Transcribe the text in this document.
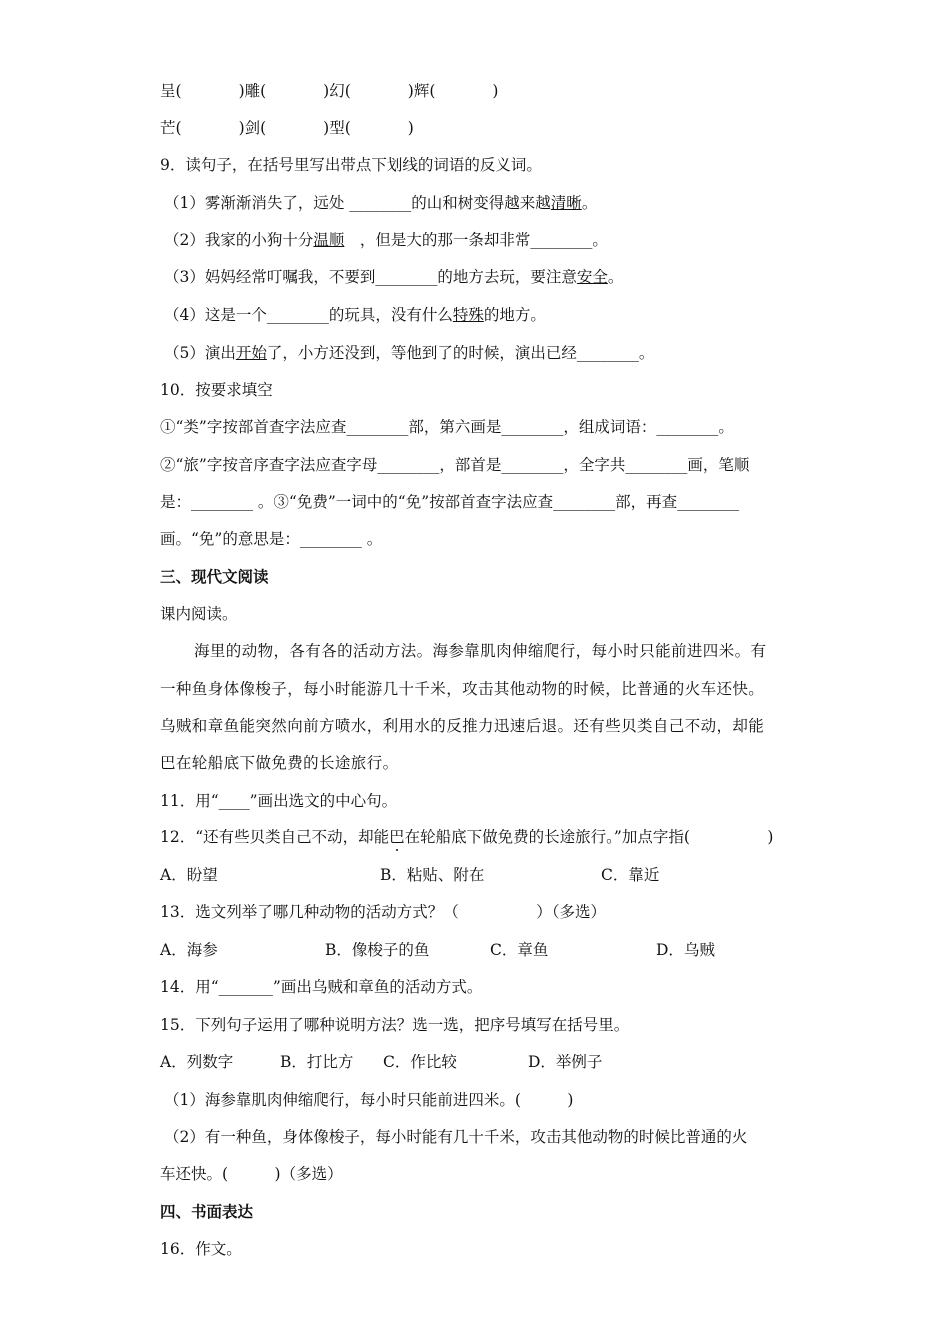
呈(	)雕(	)幻(	)辉(	)
芒(	)剑(	)型(	)
9．读句子，在括号里写出带点下划线的词语的反义词。
（1）雾渐渐消失了，远处 ________的山和树变得越来越清晰。
（2）我家的小狗十分温顺　，但是大的那一条却非常________。
（3）妈妈经常叮嘱我，不要到________的地方去玩，要注意安全。
（4）这是一个________的玩具，没有什么特殊的地方。
（5）演出开始了，小方还没到，等他到了的时候，演出已经________。
10．按要求填空
①“类”字按部首查字法应查________部，第六画是________，组成词语：________。
②“旅”字按音序查字法应查字母________，部首是________，全字共________画，笔顺
是：________ 。③“免费”一词中的“免”按部首查字法应查________部，再查________
画。“免”的意思是：________ 。
三、现代文阅读
课内阅读。
海里的动物，各有各的活动方法。海参靠肌肉伸缩爬行，每小时只能前进四米。有
一种鱼身体像梭子，每小时能游几十千米，攻击其他动物的时候，比普通的火车还快。
乌贼和章鱼能突然向前方喷水，利用水的反推力迅速后退。还有些贝类自己不动，却能
巴在轮船底下做免费的长途旅行。
11．用“____”画出选文的中心句。
12．“还有些贝类自己不动，却能巴在轮船底下做免费的长途旅行。”加点字指(　　　　　)
A．盼望	B．粘贴、附在	C．靠近
13．选文列举了哪几种动物的活动方式？（　　　　　）（多选）
A．海参	B．像梭子的鱼	C．章鱼	D．乌贼
14．用“_______”画出乌贼和章鱼的活动方式。
15．下列句子运用了哪种说明方法？选一选，把序号填写在括号里。
A．列数字	B．打比方 C．作比较	D．举例子
（1）海参靠肌肉伸缩爬行，每小时只能前进四米。(　　　)
（2）有一种鱼，身体像梭子，每小时能有几十千米，攻击其他动物的时候比普通的火
车还快。(　　　)（多选）
四、书面表达
16．作文。
